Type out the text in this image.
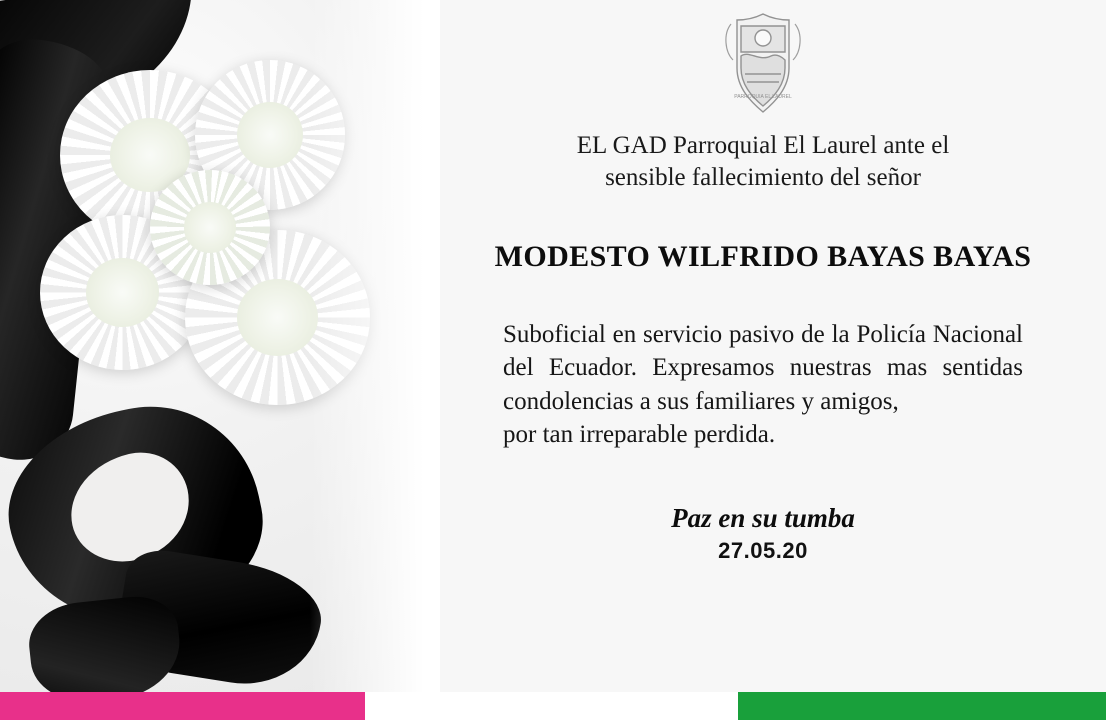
PARROQUIA EL LAUREL
EL GAD Parroquial El Laurel ante el
sensible fallecimiento del señor
MODESTO WILFRIDO BAYAS BAYAS
Suboficial en servicio pasivo de la Policía Nacional del Ecuador. Expresamos nuestras mas sentidas condolencias a sus familiares y amigos,
por tan irreparable perdida.
Paz en su tumba
27.05.20
